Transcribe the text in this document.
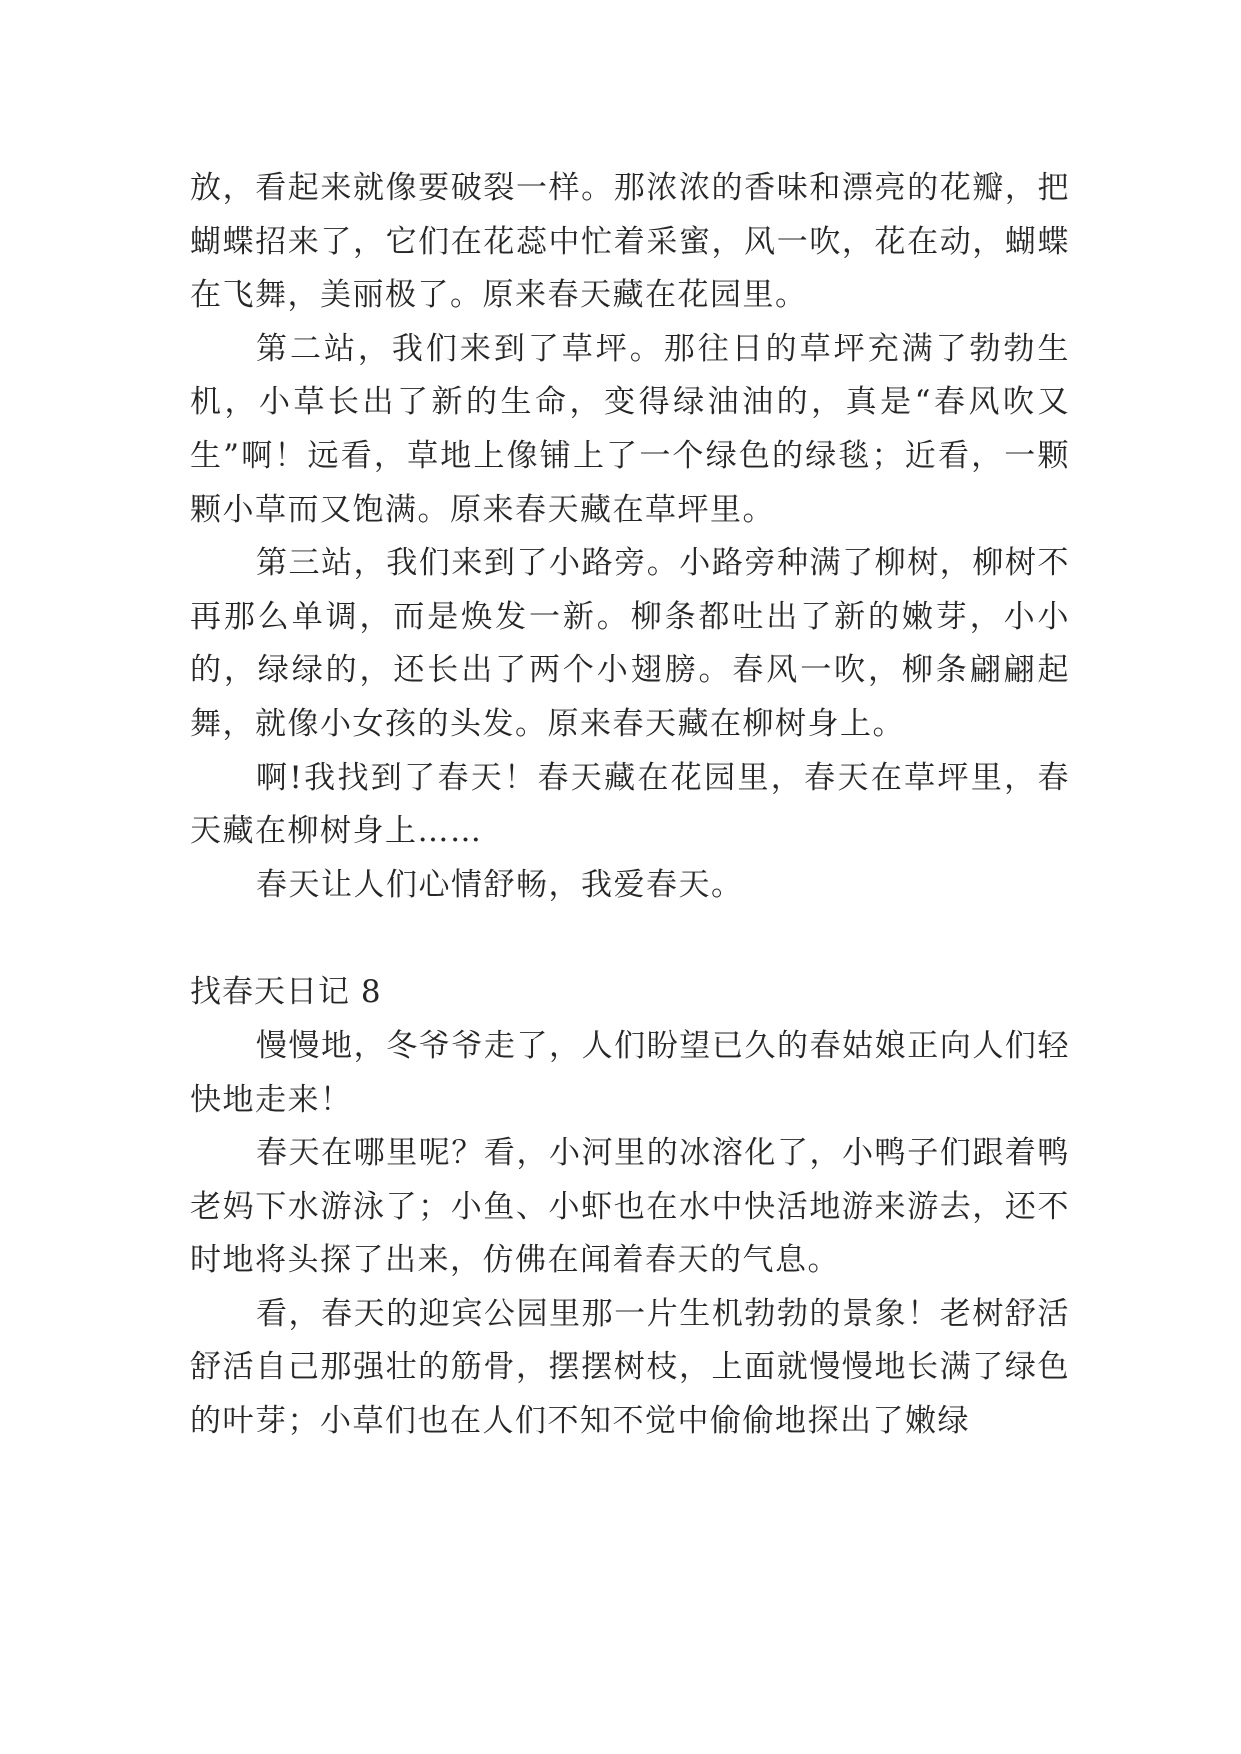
放，看起来就像要破裂一样。那浓浓的香味和漂亮的花瓣，把蝴蝶招来了，它们在花蕊中忙着采蜜，风一吹，花在动，蝴蝶在飞舞，美丽极了。原来春天藏在花园里。

第二站，我们来到了草坪。那往日的草坪充满了勃勃生机，小草长出了新的生命，变得绿油油的，真是“春风吹又生”啊！远看，草地上像铺上了一个绿色的绿毯；近看，一颗颗小草而又饱满。原来春天藏在草坪里。

第三站，我们来到了小路旁。小路旁种满了柳树，柳树不再那么单调，而是焕发一新。柳条都吐出了新的嫩芽，小小的，绿绿的，还长出了两个小翅膀。春风一吹，柳条翩翩起舞，就像小女孩的头发。原来春天藏在柳树身上。

啊!我找到了春天！春天藏在花园里，春天在草坪里，春天藏在柳树身上……

春天让人们心情舒畅，我爱春天。

找春天日记 8

慢慢地，冬爷爷走了，人们盼望已久的春姑娘正向人们轻快地走来！

春天在哪里呢？看，小河里的冰溶化了，小鸭子们跟着鸭老妈下水游泳了；小鱼、小虾也在水中快活地游来游去，还不时地将头探了出来，仿佛在闻着春天的气息。

看，春天的迎宾公园里那一片生机勃勃的景象！老树舒活舒活自己那强壮的筋骨，摆摆树枝，上面就慢慢地长满了绿色的叶芽；小草们也在人们不知不觉中偷偷地探出了嫩绿
